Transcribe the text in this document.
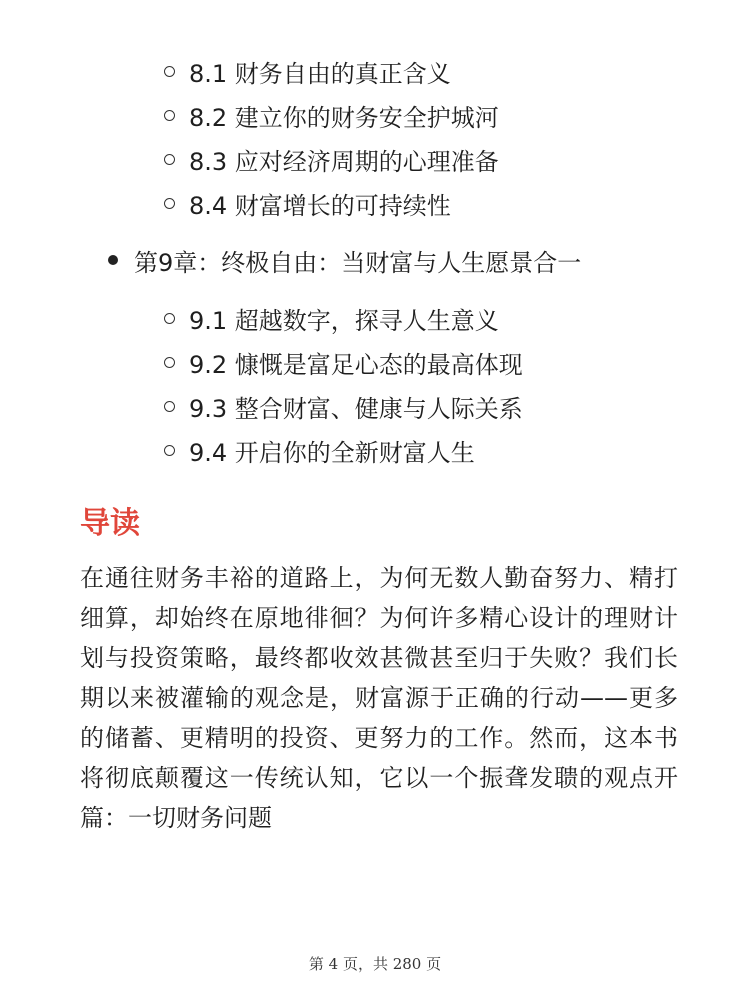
8.1 财务自由的真正含义
8.2 建立你的财务安全护城河
8.3 应对经济周期的心理准备
8.4 财富增长的可持续性
第9章：终极自由：当财富与人生愿景合一
9.1 超越数字，探寻人生意义
9.2 慷慨是富足心态的最高体现
9.3 整合财富、健康与人际关系
9.4 开启你的全新财富人生
导读

在通往财务丰裕的道路上，为何无数人勤奋努力、精打细算，却始终在原地徘徊？为何许多精心设计的理财计划与投资策略，最终都收效甚微甚至归于失败？我们长期以来被灌输的观念是，财富源于正确的行动——更多的储蓄、更精明的投资、更努力的工作。然而，这本书将彻底颠覆这一传统认知，它以一个振聋发聩的观点开篇：一切财务问题

第 4 页，共 280 页
